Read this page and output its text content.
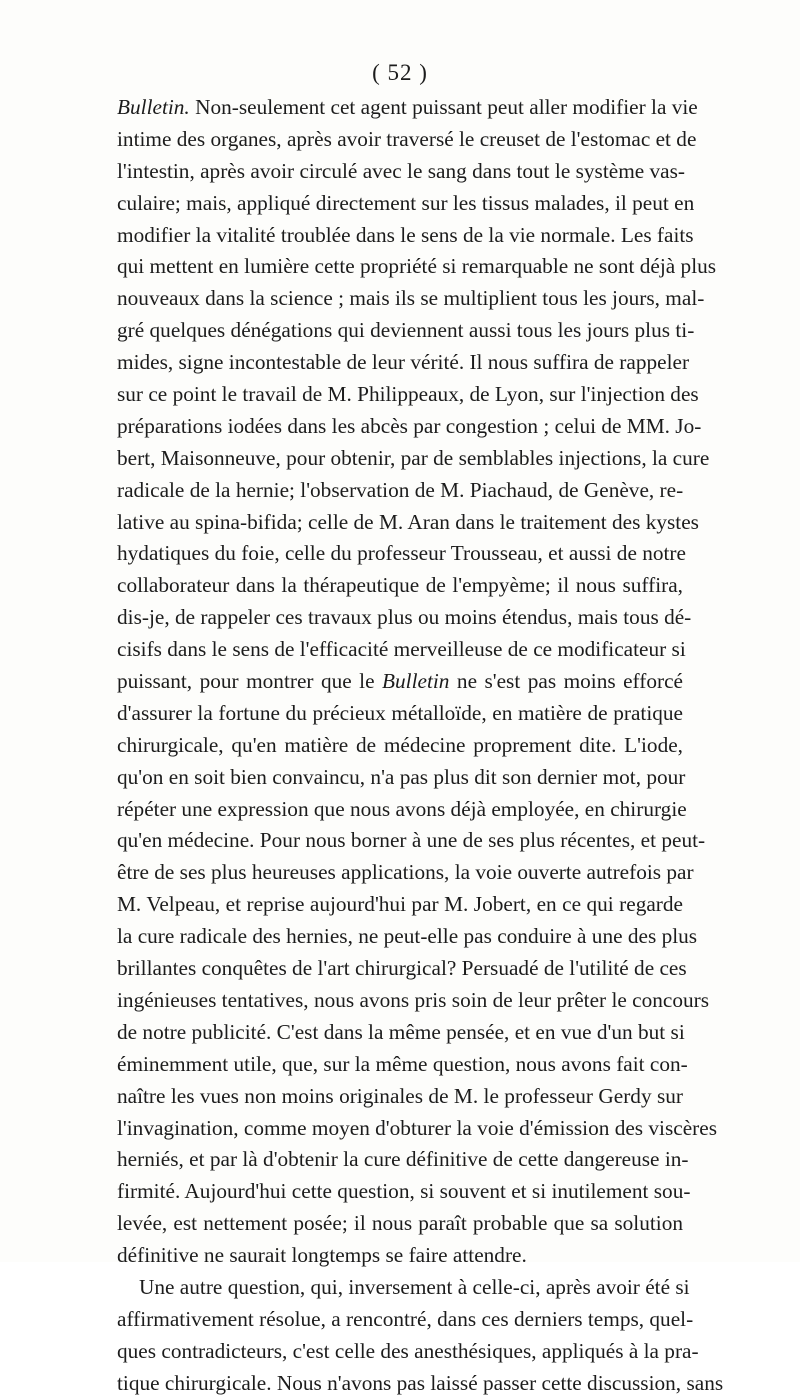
( 52 )
Bulletin. Non-seulement cet agent puissant peut aller modifier la vie
intime des organes, après avoir traversé le creuset de l'estomac et de
l'intestin, après avoir circulé avec le sang dans tout le système vas-
culaire; mais, appliqué directement sur les tissus malades, il peut en
modifier la vitalité troublée dans le sens de la vie normale. Les faits
qui mettent en lumière cette propriété si remarquable ne sont déjà plus
nouveaux dans la science ; mais ils se multiplient tous les jours, mal-
gré quelques dénégations qui deviennent aussi tous les jours plus ti-
mides, signe incontestable de leur vérité. Il nous suffira de rappeler
sur ce point le travail de M. Philippeaux, de Lyon, sur l'injection des
préparations iodées dans les abcès par congestion ; celui de MM. Jo-
bert, Maisonneuve, pour obtenir, par de semblables injections, la cure
radicale de la hernie; l'observation de M. Piachaud, de Genève, re-
lative au spina-bifida; celle de M. Aran dans le traitement des kystes
hydatiques du foie, celle du professeur Trousseau, et aussi de notre
collaborateur dans la thérapeutique de l'empyème; il nous suffira,
dis-je, de rappeler ces travaux plus ou moins étendus, mais tous dé-
cisifs dans le sens de l'efficacité merveilleuse de ce modificateur si
puissant, pour montrer que le Bulletin ne s'est pas moins efforcé
d'assurer la fortune du précieux métalloïde, en matière de pratique
chirurgicale, qu'en matière de médecine proprement dite. L'iode,
qu'on en soit bien convaincu, n'a pas plus dit son dernier mot, pour
répéter une expression que nous avons déjà employée, en chirurgie
qu'en médecine. Pour nous borner à une de ses plus récentes, et peut-
être de ses plus heureuses applications, la voie ouverte autrefois par
M. Velpeau, et reprise aujourd'hui par M. Jobert, en ce qui regarde
la cure radicale des hernies, ne peut-elle pas conduire à une des plus
brillantes conquêtes de l'art chirurgical? Persuadé de l'utilité de ces
ingénieuses tentatives, nous avons pris soin de leur prêter le concours
de notre publicité. C'est dans la même pensée, et en vue d'un but si
éminemment utile, que, sur la même question, nous avons fait con-
naître les vues non moins originales de M. le professeur Gerdy sur
l'invagination, comme moyen d'obturer la voie d'émission des viscères
herniés, et par là d'obtenir la cure définitive de cette dangereuse in-
firmité. Aujourd'hui cette question, si souvent et si inutilement sou-
levée, est nettement posée; il nous paraît probable que sa solution
définitive ne saurait longtemps se faire attendre.
Une autre question, qui, inversement à celle-ci, après avoir été si
affirmativement résolue, a rencontré, dans ces derniers temps, quel-
ques contradicteurs, c'est celle des anesthésiques, appliqués à la pra-
tique chirurgicale. Nous n'avons pas laissé passer cette discussion, sans
